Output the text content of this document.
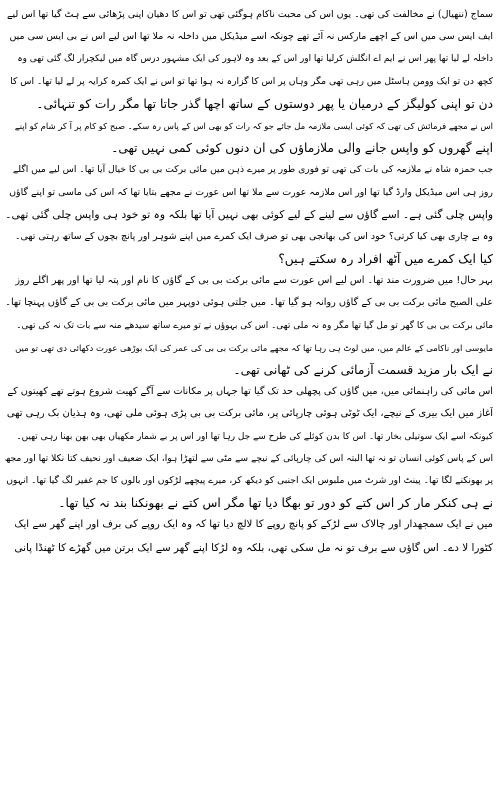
سماج (ننھیال) نے مخالفت کی تھی۔ یوں اس کی محبت ناکام ہوگئی تھی تو اس کا دھیان اپنی پڑھائی سے ہٹ گیا تھا اس لیے
ایف ایس سی میں اس کے اچھے مارکس نہ آئے تھے چونکہ اسے میڈیکل میں داخلہ نہ ملا تھا اس لیے اس نے بی ایس سی میں
داخلہ لے لیا تھا پھر اس نے ایم اے انگلش کرلیا تھا اور اس کے بعد وہ لاہور کی ایک مشہور درس گاہ میں لیکچرار لگ گئی تھی وہ
کچھ دن تو ایک وومن ہاسٹل میں رہی تھی مگر وہاں پر اس کا گزارہ نہ ہوا تھا تو اس نے ایک کمرہ کرایہ پر لے لیا تھا۔ اس کا
دن تو اپنی کولیگز کے درمیان یا پھر دوستوں کے ساتھ اچھا گذر جاتا تھا مگر رات کو تنہائی۔
اس نے مجھے فرمائش کی تھی کہ کوئی ایسی ملازمہ مل جائے جو کہ رات کو بھی اس کے پاس رہ سکے۔ صبح کو کام پر آ کر شام کو اپنے
اپنے گھروں کو واپس جانے والی ملازماؤں کی ان دنوں کوئی کمی نہیں تھی۔
جب حمزہ شاہ نے ملازمہ کی بات کی تھی تو فوری طور پر میرے ذہن میں مائی برکت بی بی کا خیال آیا تھا۔ اس لیے میں اگلے
روز ہی اس میڈیکل وارڈ گیا تھا اور اس ملازمہ عورت سے ملا تھا اس عورت نے مجھے بتایا تھا کہ اس کی ماسی تو اپنے گاؤں
واپس چلی گئی ہے۔ اسے گاؤں سے لینے کے لیے کوئی بھی نہیں آیا تھا بلکہ وہ تو خود ہی واپس چلی گئی تھی۔
وہ بے چاری بھی کیا کرتی؟ خود اس کی بھانجی بھی تو صرف ایک کمرے میں اپنے شوہر اور پانچ بچوں کے ساتھ رہتی تھی۔
کیا ایک کمرے میں آٹھ افراد رہ سکتے ہیں؟
بہر حال! میں ضرورت مند تھا۔ اس لیے اس عورت سے مائی برکت بی بی کے گاؤں کا نام اور پتہ لیا تھا اور پھر اگلے روز
علی الصبح مائی برکت بی بی کے گاؤں روانہ ہو گیا تھا۔ میں جلتی ہوئی دوپہر میں مائی برکت بی بی کے گاؤں پہنچا تھا۔
مائی برکت بی بی کا گھر تو مل گیا تھا مگر وہ نہ ملی تھی۔ اس کی بہوؤں نے تو میرے ساتھ سیدھے منہ سے بات تک نہ کی تھی۔
مایوسی اور ناکامی کے عالم میں، میں لوٹ ہی رہا تھا کہ مجھے مائی برکت بی بی کی عمر کی ایک بوڑھی عورت دکھائی دی تھی تو میں
نے ایک بار مزید قسمت آزمائی کرنے کی ٹھانی تھی۔
اس مائی کی راہنمائی میں، میں گاؤں کی پچھلی حد تک گیا تھا جہاں پر مکانات سے آگے کھیت شروع ہوتے تھے کھیتوں کے
آغاز میں ایک بیری کے نیچے، ایک ٹوٹی ہوئی چارپائی پر، مائی برکت بی بی پڑی ہوئی ملی تھی، وہ ہذیان بک رہی تھی
کیونکہ اسے ایک سوتیلی بخار تھا۔ اس کا بدن کوئلے کی طرح سے جل رہا تھا اور اس پر بے شمار مکھیاں بھی بھن بھنا رہی تھیں۔
اس کے پاس کوئی انسان تو نہ تھا البتہ اس کی چارپائی کے نیچے سے مٹی سے لتھڑا ہوا، ایک ضعیف اور نحیف کتا نکلا تھا اور مجھ
پر بھونکنے لگا تھا۔ پینٹ اور شرٹ میں ملبوس ایک اجنبی کو دیکھ کر، میرے پیچھے لڑکوں اور بالوں کا جم غفیر لگ گیا تھا۔ انہوں
نے ہی کنکر مار کر اس کتے کو دور تو بھگا دیا تھا مگر اس کتے نے بھونکنا بند نہ کیا تھا۔
میں نے ایک سمجھدار اور چالاک سے لڑکے کو پانچ روپے کا لالچ دیا تھا کہ وہ ایک روپے کی برف اور اپنے گھر سے ایک
کٹورا لا دے۔ اس گاؤں سے برف تو نہ مل سکی تھی، بلکہ وہ لڑکا اپنے گھر سے ایک برتن میں گھڑے کا ٹھنڈا پانی
